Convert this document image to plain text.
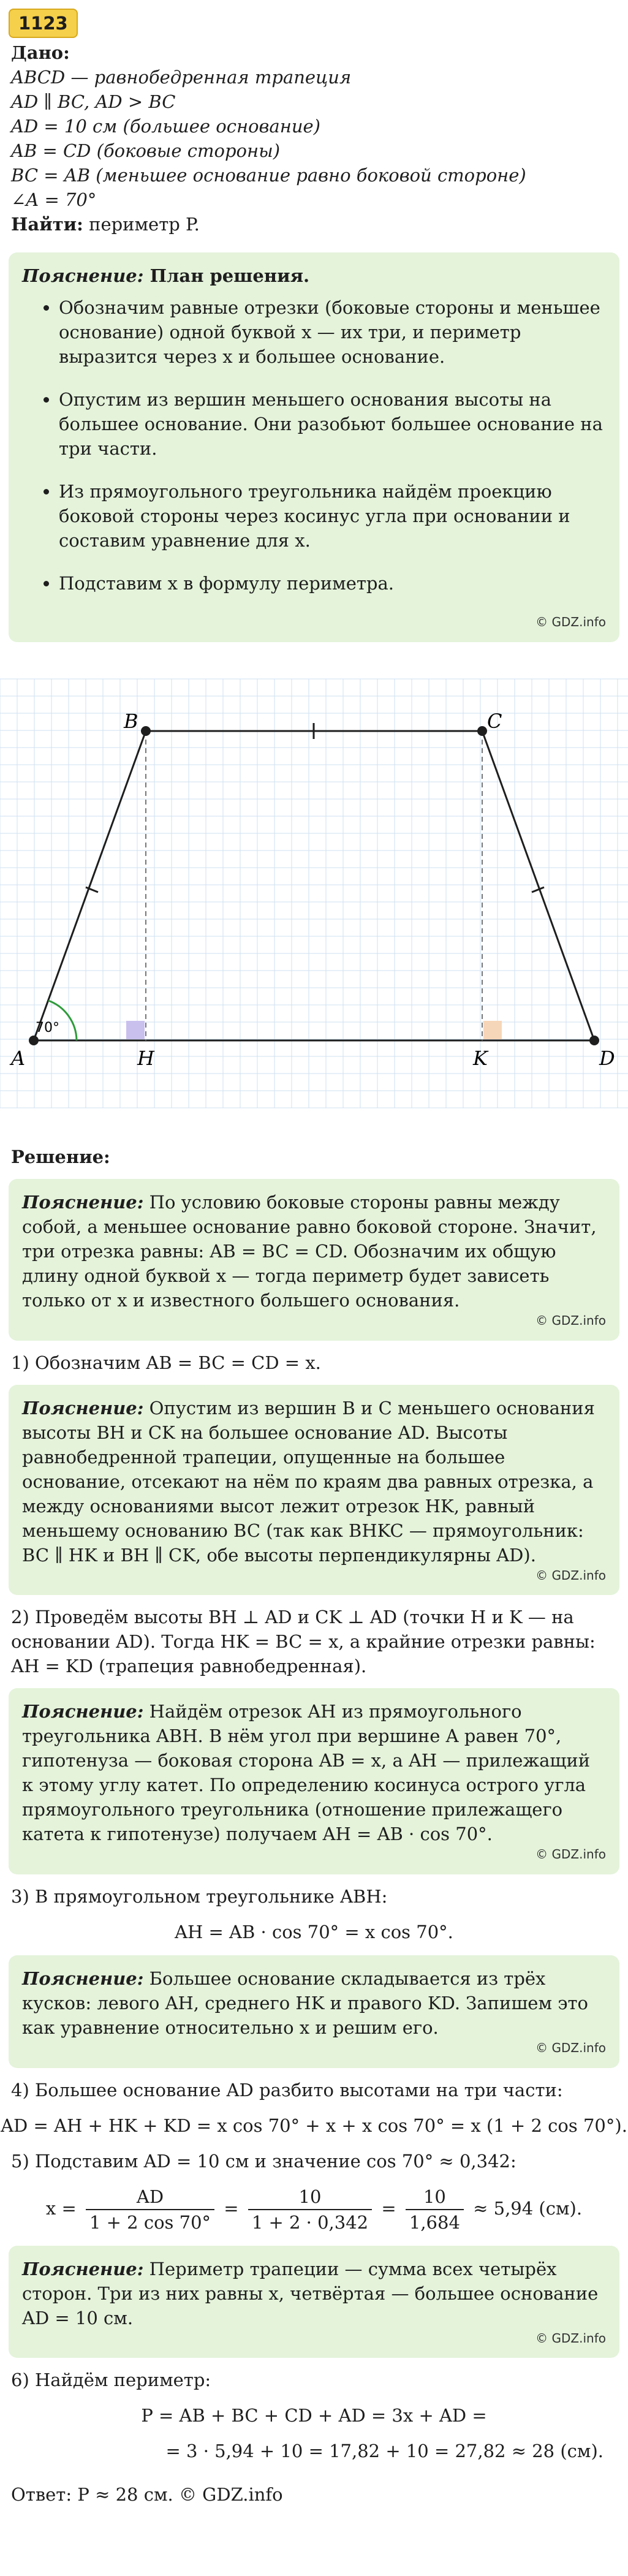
1123
Дано:
ABCD — равнобедренная трапеция
AD ∥ BC, AD > BC
AD = 10 см (большее основание)
AB = CD (боковые стороны)
BC = AB (меньшее основание равно боковой стороне)
∠A = 70°
Найти: периметр P.
Пояснение: План решения.
• Обозначим равные отрезки (боковые стороны и меньшее основание) одной буквой x — их три, и периметр выразится через x и большее основание.
• Опустим из вершин меньшего основания высоты на большее основание. Они разобьют большее основание на три части.
• Из прямоугольного треугольника найдём проекцию боковой стороны через косинус угла при основании и составим уравнение для x.
• Подставим x в формулу периметра.
© GDZ.info
A
B	C
D
H	K
70°
Решение:
Пояснение: По условию боковые стороны равны между собой, а меньшее основание равно боковой стороне. Значит, три отрезка равны: AB = BC = CD. Обозначим их общую длину одной буквой x — тогда периметр будет зависеть только от x и известного большего основания.
© GDZ.info
1) Обозначим AB = BC = CD = x.
Пояснение: Опустим из вершин B и C меньшего основания высоты BH и CK на большее основание AD. Высоты равнобедренной трапеции, опущенные на большее основание, отсекают на нём по краям два равных отрезка, а между основаниями высот лежит отрезок HK, равный меньшему основанию BC (так как BHKC — прямоугольник: BC ∥ HK и BH ∥ CK, обе высоты перпендикулярны AD).
© GDZ.info
2) Проведём высоты BH ⊥ AD и CK ⊥ AD (точки H и K — на основании AD). Тогда HK = BC = x, а крайние отрезки равны: AH = KD (трапеция равнобедренная).
Пояснение: Найдём отрезок AH из прямоугольного треугольника ABH. В нём угол при вершине A равен 70°, гипотенуза — боковая сторона AB = x, а AH — прилежащий к этому углу катет. По определению косинуса острого угла прямоугольного треугольника (отношение прилежащего катета к гипотенузе) получаем AH = AB · cos 70°.
© GDZ.info
3) В прямоугольном треугольнике ABH:
AH = AB · cos 70° = x cos 70°.
Пояснение: Большее основание складывается из трёх кусков: левого AH, среднего HK и правого KD. Запишем это как уравнение относительно x и решим его.
© GDZ.info
4) Большее основание AD разбито высотами на три части:
AD = AH + HK + KD = x cos 70° + x + x cos 70° = x (1 + 2 cos 70°).
5) Подставим AD = 10 см и значение cos 70° ≈ 0,342:
$x = \frac{AD}{1 + 2 \cos 70^\circ} = \frac{10}{1 + 2 \cdot 0,342} = \frac{10}{1,684} \approx 5,94$ (см).
Пояснение: Периметр трапеции — сумма всех четырёх сторон. Три из них равны x, четвёртая — большее основание AD = 10 см.
© GDZ.info
6) Найдём периметр:
P = AB + BC + CD + AD = 3x + AD =
= 3 · 5,94 + 10 = 17,82 + 10 = 27,82 ≈ 28 (см).
Ответ: P ≈ 28 см. © GDZ.info
